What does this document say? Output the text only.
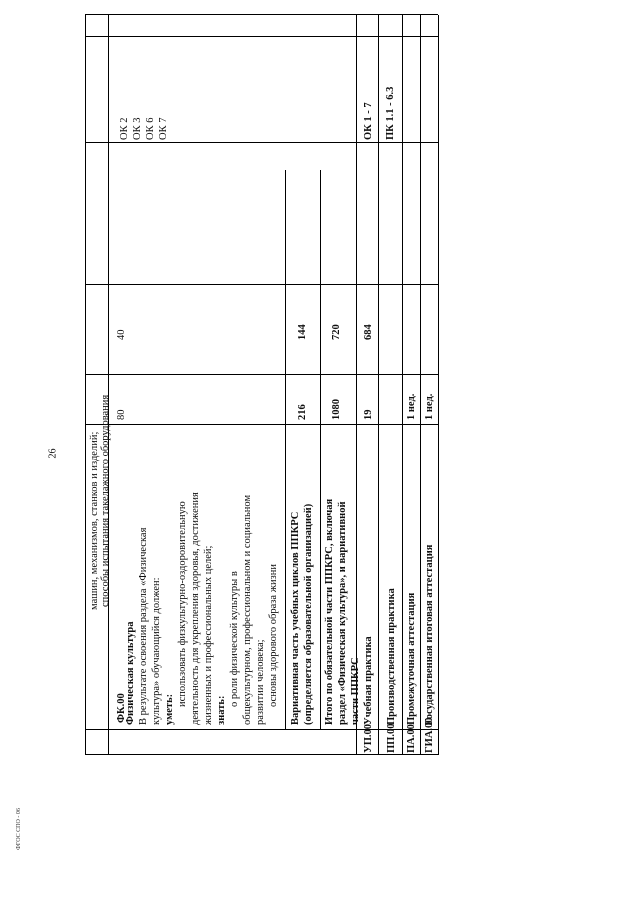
26
ФГОС СПО - 06
машин, механизмов, станков и изделий; способы испытания такелажного оборудования
ФК.00
Физическая культура В результате освоения раздела «Физическая культура» обучающийся должен: уметь:
использовать физкультурно-оздоровительную деятельность для укрепления здоровья, достижения жизненных и профессиональных целей; знать:
о роли физической культуры в общекультурном, профессиональном и социальном развитии человека; основы здорового образа жизни
80
40
ОК 2 ОК 3 ОК 6 ОК 7
Вариативная часть учебных циклов ППКРС (определяется образовательной организацией)
216
144
Итого по обязательной части ППКРС, включая раздел «Физическая культура», и вариативной части ППКРС
1080
720
УП.00
Учебная практика
19
684
ОК 1 - 7 ПК 1.1 - 6.3
ПП.00
Производственная практика
ПА.00
Промежуточная аттестация
1 нед.
ГИА.00
Государственная итоговая аттестация
1 нед.
